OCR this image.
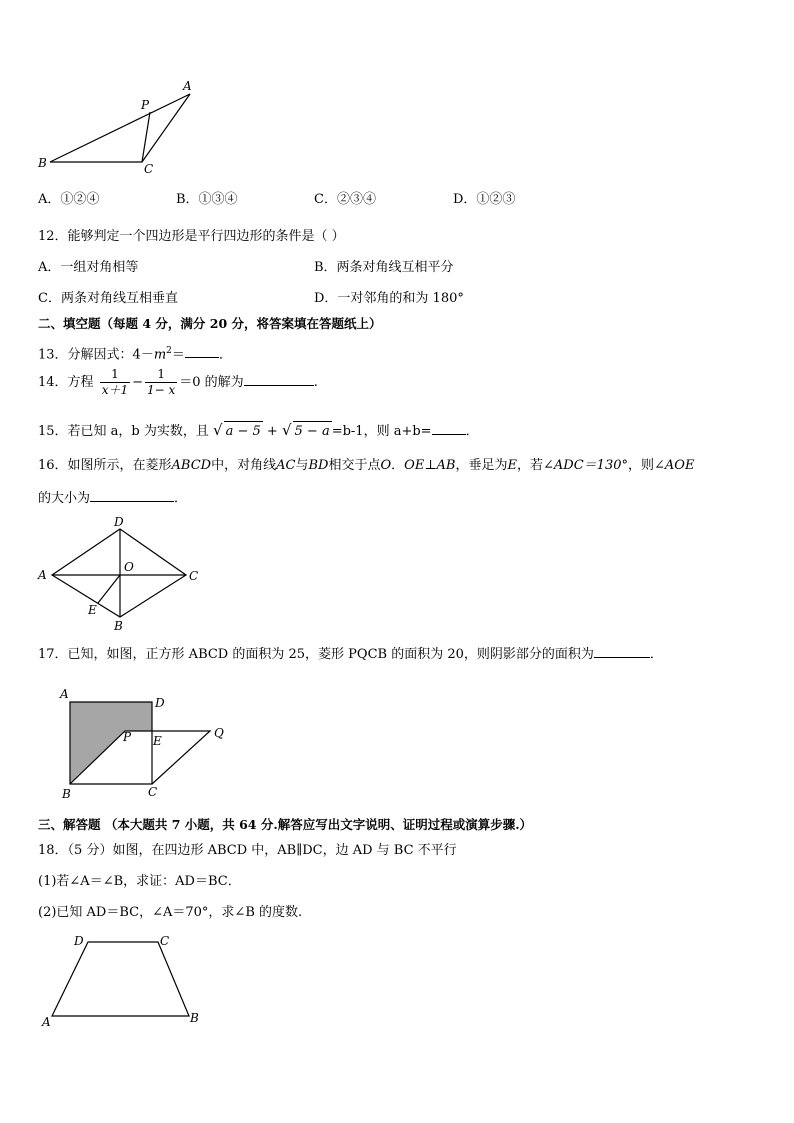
A
P
B	C
A．①②④	B．①③④	C．②③④	D．①②③
12．能够判定一个四边形是平行四边形的条件是（ ）
A．一组对角相等	B．两条对角线互相平分
C．两条对角线互相垂直	D．一对邻角的和为 180°
二、填空题（每题 4 分，满分 20 分，将答案填在答题纸上）
13．分解因式：$4-m^2=$	．
14．方程 $\frac{1}{x+1} - \frac{1}{1- x} =0$ 的解为	.
15．若已知 a，b 为实数，且 √ a − 5 + √ 5 − a =b-1，则 a+b=	．
16．如图所示，在菱形ABCD中，对角线AC与BD相交于点O．OE⊥AB，垂足为E，若∠ADC＝130°，则∠AOE
的大小为	．
D
A
O
C
E
B
17．已知，如图，正方形 ABCD 的面积为 25，菱形 PQCB 的面积为 20，则阴影部分的面积为	．
A
D
P E
Q
B	C
三、解答题 （本大题共 7 小题，共 64 分.解答应写出文字说明、证明过程或演算步骤.）
18．（5 分）如图，在四边形 ABCD 中，AB∥DC，边 AD 与 BC 不平行
(1)若∠A＝∠B，求证：AD＝BC．
(2)已知 AD＝BC，∠A＝70°，求∠B 的度数.
D	C
A	B
